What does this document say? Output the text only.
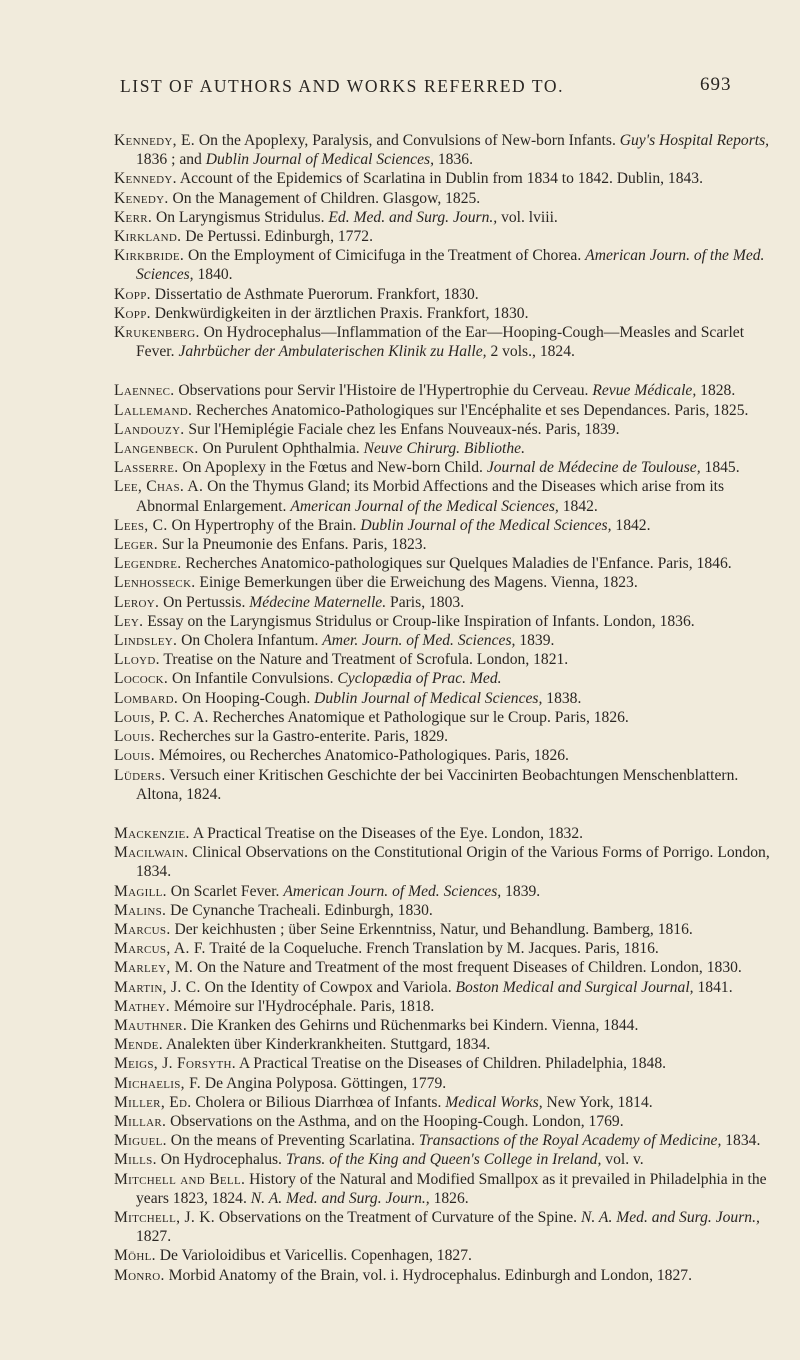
LIST OF AUTHORS AND WORKS REFERRED TO.	693
Kennedy, E. On the Apoplexy, Paralysis, and Convulsions of New-born Infants. Guy's Hospital Reports, 1836 ; and Dublin Journal of Medical Sciences, 1836.
Kennedy. Account of the Epidemics of Scarlatina in Dublin from 1834 to 1842. Dublin, 1843.
Kenedy. On the Management of Children. Glasgow, 1825.
Kerr. On Laryngismus Stridulus. Ed. Med. and Surg. Journ., vol. lviii.
Kirkland. De Pertussi. Edinburgh, 1772.
Kirkbride. On the Employment of Cimicifuga in the Treatment of Chorea. American Journ. of the Med. Sciences, 1840.
Kopp. Dissertatio de Asthmate Puerorum. Frankfort, 1830.
Kopp. Denkwürdigkeiten in der ärztlichen Praxis. Frankfort, 1830.
Krukenberg. On Hydrocephalus—Inflammation of the Ear—Hooping-Cough—Measles and Scarlet Fever. Jahrbücher der Ambulaterischen Klinik zu Halle, 2 vols., 1824.
Laennec. Observations pour Servir l'Histoire de l'Hypertrophie du Cerveau. Revue Médicale, 1828.
Lallemand. Recherches Anatomico-Pathologiques sur l'Encéphalite et ses Dependances. Paris, 1825.
Landouzy. Sur l'Hemiplégie Faciale chez les Enfans Nouveaux-nés. Paris, 1839.
Langenbeck. On Purulent Ophthalmia. Neuve Chirurg. Bibliothe.
Lasserre. On Apoplexy in the Fœtus and New-born Child. Journal de Médecine de Toulouse, 1845.
Lee, Chas. A. On the Thymus Gland; its Morbid Affections and the Diseases which arise from its Abnormal Enlargement. American Journal of the Medical Sciences, 1842.
Lees, C. On Hypertrophy of the Brain. Dublin Journal of the Medical Sciences, 1842.
Leger. Sur la Pneumonie des Enfans. Paris, 1823.
Legendre. Recherches Anatomico-pathologiques sur Quelques Maladies de l'Enfance. Paris, 1846.
Lenhosseck. Einige Bemerkungen über die Erweichung des Magens. Vienna, 1823.
Leroy. On Pertussis. Médecine Maternelle. Paris, 1803.
Ley. Essay on the Laryngismus Stridulus or Croup-like Inspiration of Infants. London, 1836.
Lindsley. On Cholera Infantum. Amer. Journ. of Med. Sciences, 1839.
Lloyd. Treatise on the Nature and Treatment of Scrofula. London, 1821.
Locock. On Infantile Convulsions. Cyclopædia of Prac. Med.
Lombard. On Hooping-Cough. Dublin Journal of Medical Sciences, 1838.
Louis, P. C. A. Recherches Anatomique et Pathologique sur le Croup. Paris, 1826.
Louis. Recherches sur la Gastro-enterite. Paris, 1829.
Louis. Mémoires, ou Recherches Anatomico-Pathologiques. Paris, 1826.
Lüders. Versuch einer Kritischen Geschichte der bei Vaccinirten Beobachtungen Menschenblattern. Altona, 1824.
Mackenzie. A Practical Treatise on the Diseases of the Eye. London, 1832.
Macilwain. Clinical Observations on the Constitutional Origin of the Various Forms of Porrigo. London, 1834.
Magill. On Scarlet Fever. American Journ. of Med. Sciences, 1839.
Malins. De Cynanche Tracheali. Edinburgh, 1830.
Marcus. Der keichhusten ; über Seine Erkenntniss, Natur, und Behandlung. Bamberg, 1816.
Marcus, A. F. Traité de la Coqueluche. French Translation by M. Jacques. Paris, 1816.
Marley, M. On the Nature and Treatment of the most frequent Diseases of Children. London, 1830.
Martin, J. C. On the Identity of Cowpox and Variola. Boston Medical and Surgical Journal, 1841.
Mathey. Mémoire sur l'Hydrocéphale. Paris, 1818.
Mauthner. Die Kranken des Gehirns und Rüchenmarks bei Kindern. Vienna, 1844.
Mende. Analekten über Kinderkrankheiten. Stuttgard, 1834.
Meigs, J. Forsyth. A Practical Treatise on the Diseases of Children. Philadelphia, 1848.
Michaelis, F. De Angina Polyposa. Göttingen, 1779.
Miller, Ed. Cholera or Bilious Diarrhœa of Infants. Medical Works, New York, 1814.
Millar. Observations on the Asthma, and on the Hooping-Cough. London, 1769.
Miguel. On the means of Preventing Scarlatina. Transactions of the Royal Academy of Medicine, 1834.
Mills. On Hydrocephalus. Trans. of the King and Queen's College in Ireland, vol. v.
Mitchell and Bell. History of the Natural and Modified Smallpox as it prevailed in Philadelphia in the years 1823, 1824. N. A. Med. and Surg. Journ., 1826.
Mitchell, J. K. Observations on the Treatment of Curvature of the Spine. N. A. Med. and Surg. Journ., 1827.
Möhl. De Varioloidibus et Varicellis. Copenhagen, 1827.
Monro. Morbid Anatomy of the Brain, vol. i. Hydrocephalus. Edinburgh and London, 1827.
